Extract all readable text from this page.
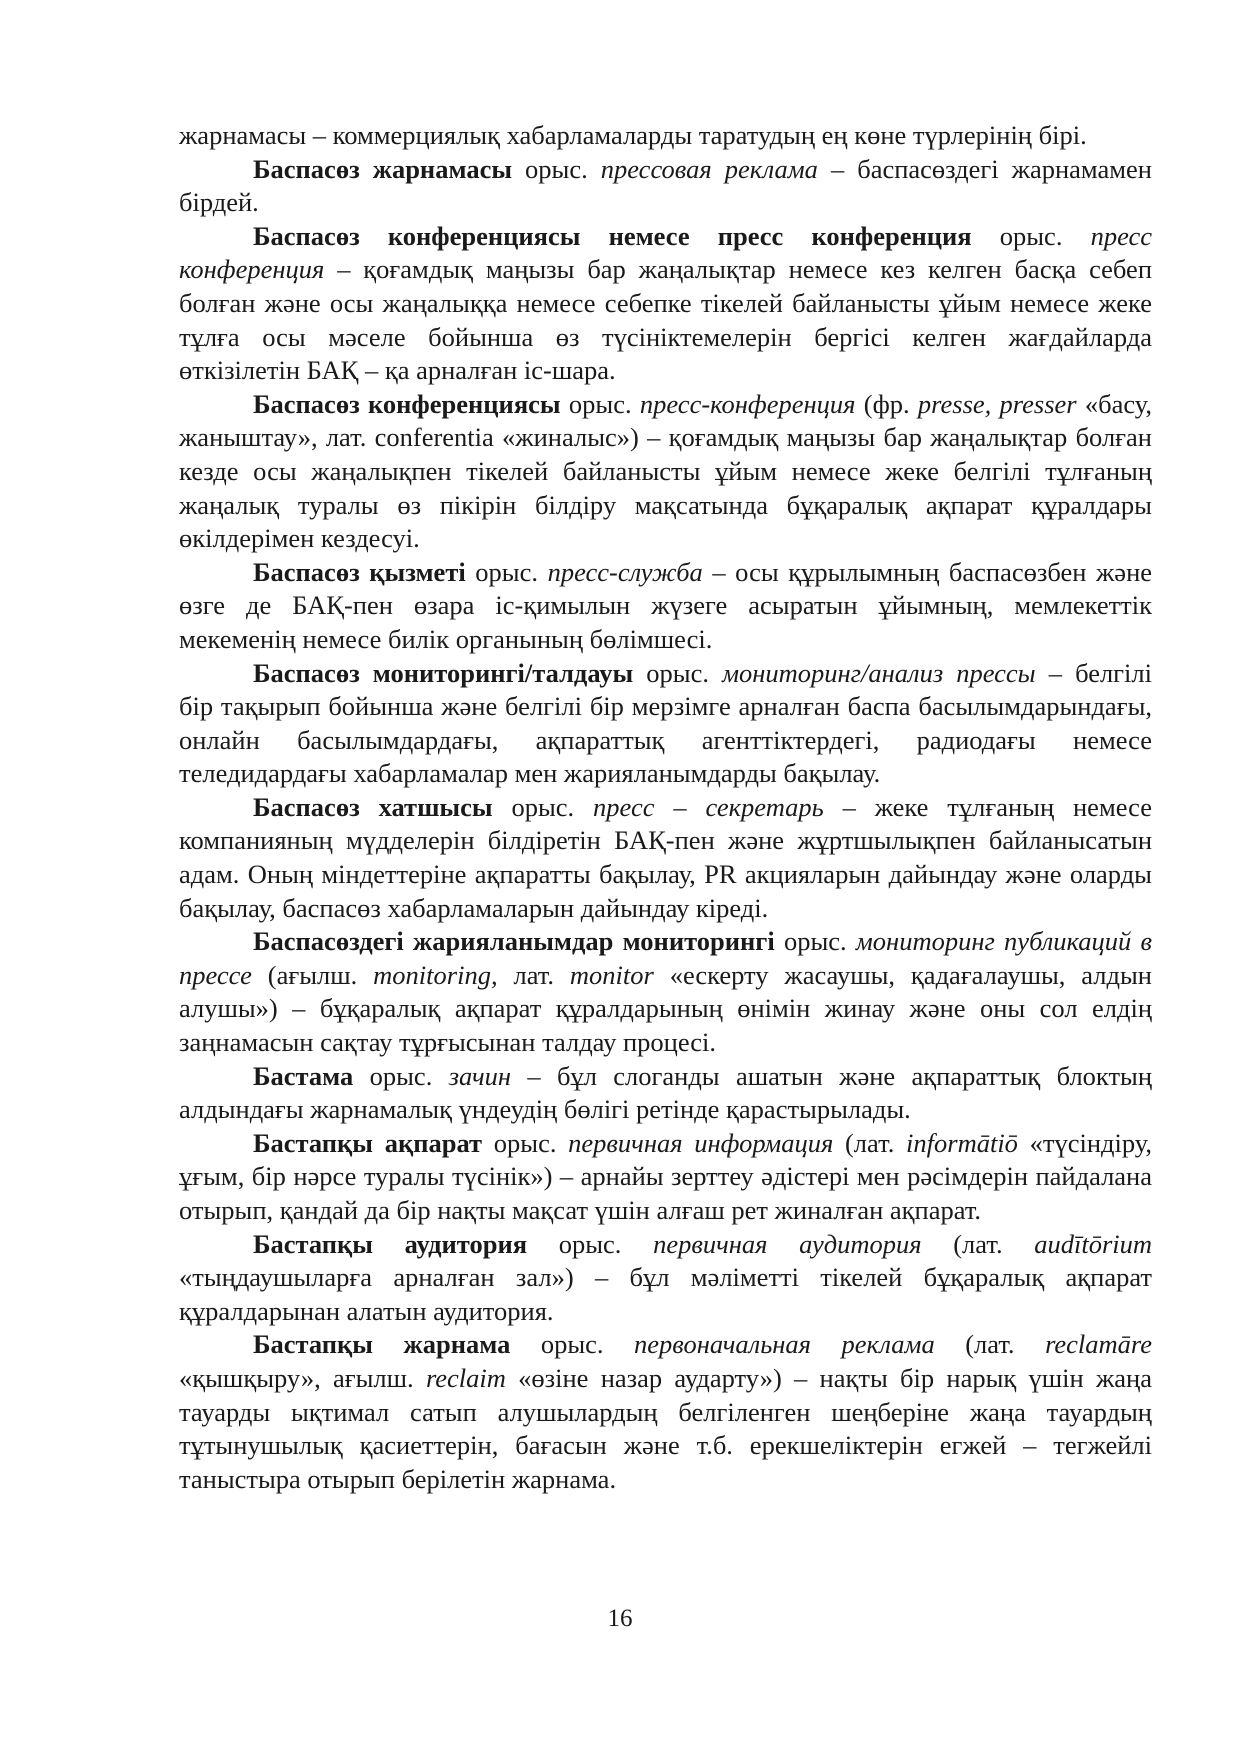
жарнамасы – коммерциялық хабарламаларды таратудың ең көне түрлерінің бірі.

Баспасөз жарнамасы орыс. прессовая реклама – баспасөздегі жарнамамен бірдей.

Баспасөз конференциясы немесе пресс конференция орыс. пресс конференция – қоғамдық маңызы бар жаңалықтар немесе кез келген басқа себеп болған және осы жаңалыққа немесе себепке тікелей байланысты ұйым немесе жеке тұлға осы мәселе бойынша өз түсініктемелерін бергісі келген жағдайларда өткізілетін БАҚ – қа арналған іс-шара.

Баспасөз конференциясы орыс. пресс-конференция (фр. presse, presser «басу, жаныштау», лат. conferentia «жиналыс») – қоғамдық маңызы бар жаңалықтар болған кезде осы жаңалықпен тікелей байланысты ұйым немесе жеке белгілі тұлғаның жаңалық туралы өз пікірін білдіру мақсатында бұқаралық ақпарат құралдары өкілдерімен кездесуі.

Баспасөз қызметі орыс. пресс-служба – осы құрылымның баспасөзбен және өзге де БАҚ-пен өзара іс-қимылын жүзеге асыратын ұйымның, мемлекеттік мекеменің немесе билік органының бөлімшесі.

Баспасөз мониторингі/талдауы орыс. мониторинг/анализ прессы – белгілі бір тақырып бойынша және белгілі бір мерзімге арналған баспа басылымдарындағы, онлайн басылымдардағы, ақпараттық агенттіктердегі, радиодағы немесе теледидардағы хабарламалар мен жарияланымдарды бақылау.

Баспасөз хатшысы орыс. пресс – секретарь – жеке тұлғаның немесе компанияның мүдделерін білдіретін БАҚ-пен және жұртшылықпен байланысатын адам. Оның міндеттеріне ақпаратты бақылау, PR акцияларын дайындау және оларды бақылау, баспасөз хабарламаларын дайындау кіреді.

Баспасөздегі жарияланымдар мониторингі орыс. мониторинг публикаций в прессе (ағылш. monitoring, лат. monitor «ескерту жасаушы, қадағалаушы, алдын алушы») – бұқаралық ақпарат құралдарының өнімін жинау және оны сол елдің заңнамасын сақтау тұрғысынан талдау процесі.

Бастама орыс. зачин – бұл слоганды ашатын және ақпараттық блоктың алдындағы жарнамалық үндеудің бөлігі ретінде қарастырылады.

Бастапқы ақпарат орыс. первичная информация (лат. informātiō «түсіндіру, ұғым, бір нәрсе туралы түсінік») – арнайы зерттеу әдістері мен рәсімдерін пайдалана отырып, қандай да бір нақты мақсат үшін алғаш рет жиналған ақпарат.

Бастапқы аудитория орыс. первичная аудитория (лат. audītōrium «тыңдаушыларға арналған зал») – бұл мәліметті тікелей бұқаралық ақпарат құралдарынан алатын аудитория.

Бастапқы жарнама орыс. первоначальная реклама (лат. reclamāre «қышқыру», ағылш. reclaim «өзіне назар аударту») – нақты бір нарық үшін жаңа тауарды ықтимал сатып алушылардың белгіленген шеңберіне жаңа тауардың тұтынушылық қасиеттерін, бағасын және т.б. ерекшеліктерін егжей – тегжейлі таныстыра отырып берілетін жарнама.

16
